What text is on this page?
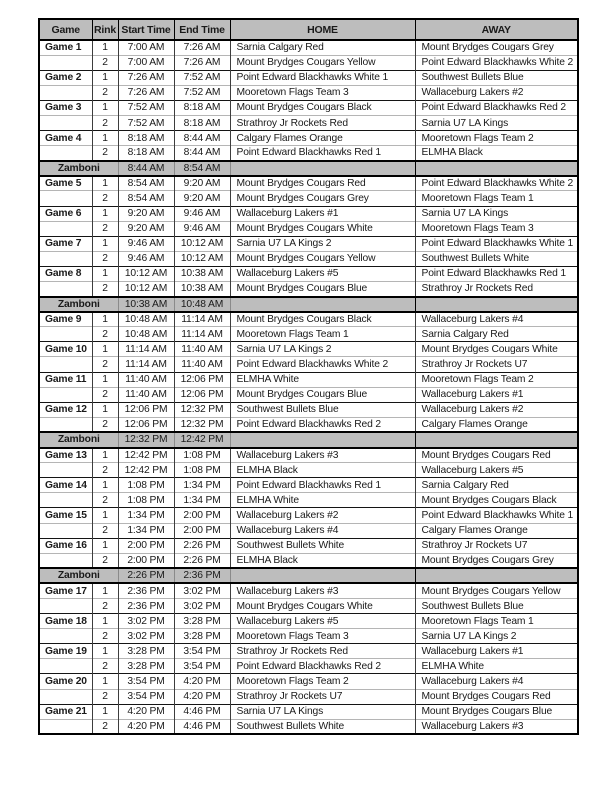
Game	Rink	Start Time	End Time	HOME	AWAY
Game 1	1	7:00 AM	7:26 AM	Sarnia Calgary Red	Mount Brydges Cougars Grey
	2	7:00 AM	7:26 AM	Mount Brydges Cougars Yellow	Point Edward Blackhawks White 2
Game 2	1	7:26 AM	7:52 AM	Point Edward Blackhawks White 1	Southwest Bullets Blue
	2	7:26 AM	7:52 AM	Mooretown Flags Team 3	Wallaceburg Lakers #2
Game 3	1	7:52 AM	8:18 AM	Mount Brydges Cougars Black	Point Edward Blackhawks Red 2
	2	7:52 AM	8:18 AM	Strathroy Jr Rockets Red	Sarnia U7 LA Kings
Game 4	1	8:18 AM	8:44 AM	Calgary Flames Orange	Mooretown Flags Team 2
	2	8:18 AM	8:44 AM	Point Edward Blackhawks Red 1	ELMHA Black
Zamboni		8:44 AM	8:54 AM		
Game 5	1	8:54 AM	9:20 AM	Mount Brydges Cougars Red	Point Edward Blackhawks White 2
	2	8:54 AM	9:20 AM	Mount Brydges Cougars Grey	Mooretown Flags Team 1
Game 6	1	9:20 AM	9:46 AM	Wallaceburg Lakers #1	Sarnia U7 LA Kings
	2	9:20 AM	9:46 AM	Mount Brydges Cougars White	Mooretown Flags Team 3
Game 7	1	9:46 AM	10:12 AM	Sarnia U7 LA Kings 2	Point Edward Blackhawks White 1
	2	9:46 AM	10:12 AM	Mount Brydges Cougars Yellow	Southwest Bullets White
Game 8	1	10:12 AM	10:38 AM	Wallaceburg Lakers #5	Point Edward Blackhawks Red 1
	2	10:12 AM	10:38 AM	Mount Brydges Cougars Blue	Strathroy Jr Rockets Red
Zamboni		10:38 AM	10:48 AM		
Game 9	1	10:48 AM	11:14 AM	Mount Brydges Cougars Black	Wallaceburg Lakers #4
	2	10:48 AM	11:14 AM	Mooretown Flags Team 1	Sarnia Calgary Red
Game 10	1	11:14 AM	11:40 AM	Sarnia U7 LA Kings 2	Mount Brydges Cougars White
	2	11:14 AM	11:40 AM	Point Edward Blackhawks White 2	Strathroy Jr Rockets U7
Game 11	1	11:40 AM	12:06 PM	ELMHA White	Mooretown Flags Team 2
	2	11:40 AM	12:06 PM	Mount Brydges Cougars Blue	Wallaceburg Lakers #1
Game 12	1	12:06 PM	12:32 PM	Southwest Bullets Blue	Wallaceburg Lakers #2
	2	12:06 PM	12:32 PM	Point Edward Blackhawks Red 2	Calgary Flames Orange
Zamboni		12:32 PM	12:42 PM		
Game 13	1	12:42 PM	1:08 PM	Wallaceburg Lakers #3	Mount Brydges Cougars Red
	2	12:42 PM	1:08 PM	ELMHA Black	Wallaceburg Lakers #5
Game 14	1	1:08 PM	1:34 PM	Point Edward Blackhawks Red 1	Sarnia Calgary Red
	2	1:08 PM	1:34 PM	ELMHA White	Mount Brydges Cougars Black
Game 15	1	1:34 PM	2:00 PM	Wallaceburg Lakers #2	Point Edward Blackhawks White 1
	2	1:34 PM	2:00 PM	Wallaceburg Lakers #4	Calgary Flames Orange
Game 16	1	2:00 PM	2:26 PM	Southwest Bullets White	Strathroy Jr Rockets U7
	2	2:00 PM	2:26 PM	ELMHA Black	Mount Brydges Cougars Grey
Zamboni		2:26 PM	2:36 PM		
Game 17	1	2:36 PM	3:02 PM	Wallaceburg Lakers #3	Mount Brydges Cougars Yellow
	2	2:36 PM	3:02 PM	Mount Brydges Cougars White	Southwest Bullets Blue
Game 18	1	3:02 PM	3:28 PM	Wallaceburg Lakers #5	Mooretown Flags Team 1
	2	3:02 PM	3:28 PM	Mooretown Flags Team 3	Sarnia U7 LA Kings 2
Game 19	1	3:28 PM	3:54 PM	Strathroy Jr Rockets Red	Wallaceburg Lakers #1
	2	3:28 PM	3:54 PM	Point Edward Blackhawks Red 2	ELMHA White
Game 20	1	3:54 PM	4:20 PM	Mooretown Flags Team 2	Wallaceburg Lakers #4
	2	3:54 PM	4:20 PM	Strathroy Jr Rockets U7	Mount Brydges Cougars Red
Game 21	1	4:20 PM	4:46 PM	Sarnia U7 LA Kings	Mount Brydges Cougars Blue
	2	4:20 PM	4:46 PM	Southwest Bullets White	Wallaceburg Lakers #3
